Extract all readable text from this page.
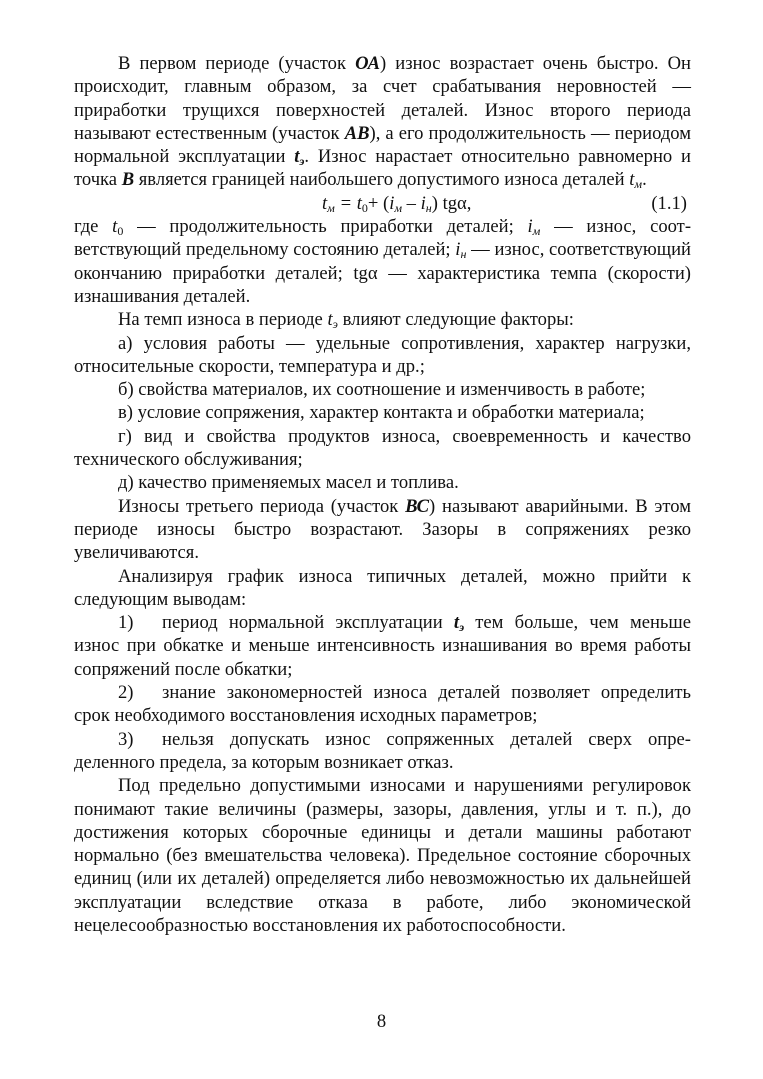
В первом периоде (участок ОА) износ возрастает очень быстро. Он происходит, главным образом, за счет срабатывания неровностей — приработки трущихся поверхностей деталей. Износ второго периода называют естественным (участок АВ), а его продолжительность — периодом нормальной эксплуатации $t_э$. Износ нарастает относительно равномерно и точка В является границей наибольшего допустимого износа деталей $t_м$.

$t_м = t_0+ (i_м - i_н)$ tgα,	(1.1)

где $t_0$ — продолжительность приработки деталей; $i_м$ — износ, соответствующий предельному состоянию деталей; $i_н$ — износ, соответствующий окончанию приработки деталей; tgα — характеристика темпа (скорости) изнашивания деталей.

На темп износа в периоде $t_э$ влияют следующие факторы:

а) условия работы — удельные сопротивления, характер нагрузки, относительные скорости, температура и др.;

б) свойства материалов, их соотношение и изменчивость в работе;

в) условие сопряжения, характер контакта и обработки материала;

г) вид и свойства продуктов износа, своевременность и качество технического обслуживания;

д) качество применяемых масел и топлива.

Износы третьего периода (участок ВС) называют аварийными. В этом периоде износы быстро возрастают. Зазоры в сопряжениях резко увеличиваются.

Анализируя график износа типичных деталей, можно прийти к следующим выводам:

1) период нормальной эксплуатации $t_э$ тем больше, чем меньше износ при обкатке и меньше интенсивность изнашивания во время работы сопряжений после обкатки;

2) знание закономерностей износа деталей позволяет определить срок необходимого восстановления исходных параметров;

3) нельзя допускать износ сопряженных деталей сверх определенного предела, за которым возникает отказ.

Под предельно допустимыми износами и нарушениями регулировок понимают такие величины (размеры, зазоры, давления, углы и т. п.), до достижения которых сборочные единицы и детали машины работают нормально (без вмешательства человека). Предельное состояние сборочных единиц (или их деталей) определяется либо невозможностью их дальнейшей эксплуатации вследствие отказа в работе, либо экономической нецелесообразностью восстановления их работоспособности.

8
